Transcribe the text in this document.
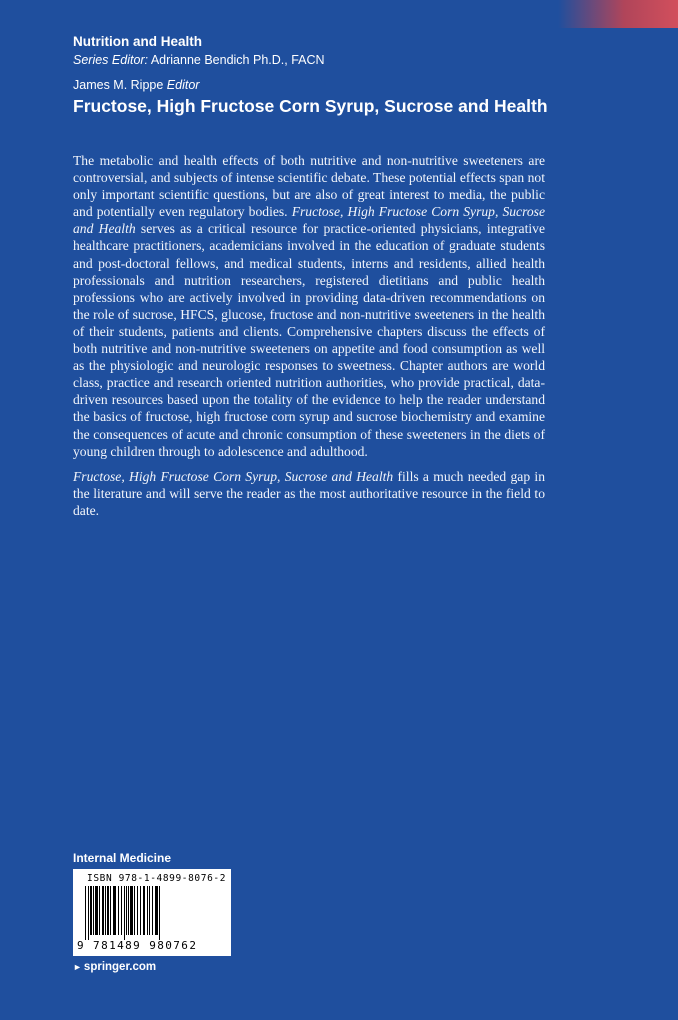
Nutrition and Health
Series Editor: Adrianne Bendich Ph.D., FACN
James M. Rippe Editor
Fructose, High Fructose Corn Syrup, Sucrose and Health

The metabolic and health effects of both nutritive and non-nutritive sweeteners are controversial, and subjects of intense scientific debate. These potential effects span not only important scientific questions, but are also of great interest to media, the public and potentially even regulatory bodies. Fructose, High Fructose Corn Syrup, Sucrose and Health serves as a critical resource for practice-oriented physicians, integrative healthcare practitioners, academicians involved in the education of graduate students and post-doctoral fellows, and medical students, interns and residents, allied health professionals and nutrition researchers, registered dietitians and public health professions who are actively involved in providing data-driven recommendations on the role of sucrose, HFCS, glucose, fructose and non-nutritive sweeteners in the health of their students, patients and clients. Comprehensive chapters discuss the effects of both nutritive and non-nutritive sweeteners on appetite and food consumption as well as the physiologic and neurologic responses to sweetness. Chapter authors are world class, practice and research oriented nutrition authorities, who provide practical, data-driven resources based upon the totality of the evidence to help the reader understand the basics of fructose, high fructose corn syrup and sucrose biochemistry and examine the consequences of acute and chronic consumption of these sweeteners in the diets of young children through to adolescence and adulthood.

Fructose, High Fructose Corn Syrup, Sucrose and Health fills a much needed gap in the literature and will serve the reader as the most authoritative resource in the field to date.

Internal Medicine
ISBN 978-1-4899-8076-2
9 781489 980762
► springer.com
